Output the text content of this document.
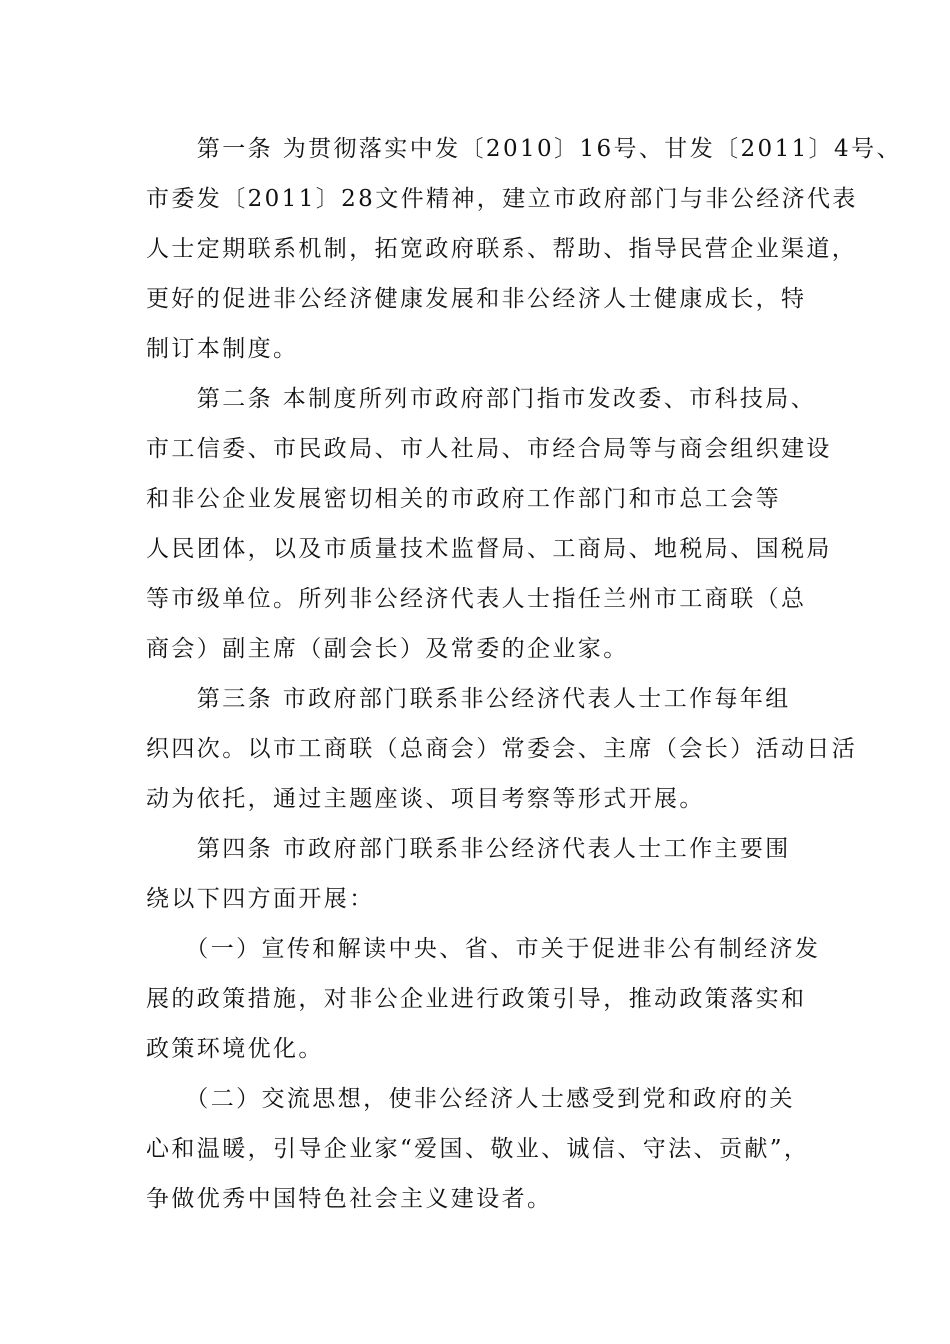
　　第一条 为贯彻落实中发〔2010〕16号、甘发〔2011〕4号、
市委发〔2011〕28文件精神，建立市政府部门与非公经济代表
人士定期联系机制，拓宽政府联系、帮助、指导民营企业渠道，
更好的促进非公经济健康发展和非公经济人士健康成长，特
制订本制度。
　　第二条 本制度所列市政府部门指市发改委、市科技局、
市工信委、市民政局、市人社局、市经合局等与商会组织建设
和非公企业发展密切相关的市政府工作部门和市总工会等
人民团体，以及市质量技术监督局、工商局、地税局、国税局
等市级单位。所列非公经济代表人士指任兰州市工商联（总
商会）副主席（副会长）及常委的企业家。
　　第三条 市政府部门联系非公经济代表人士工作每年组
织四次。以市工商联（总商会）常委会、主席（会长）活动日活
动为依托，通过主题座谈、项目考察等形式开展。
　　第四条 市政府部门联系非公经济代表人士工作主要围
绕以下四方面开展：
　　（一）宣传和解读中央、省、市关于促进非公有制经济发
展的政策措施，对非公企业进行政策引导，推动政策落实和
政策环境优化。
　　（二）交流思想，使非公经济人士感受到党和政府的关
心和温暖，引导企业家“爱国、敬业、诚信、守法、贡献”，
争做优秀中国特色社会主义建设者。
